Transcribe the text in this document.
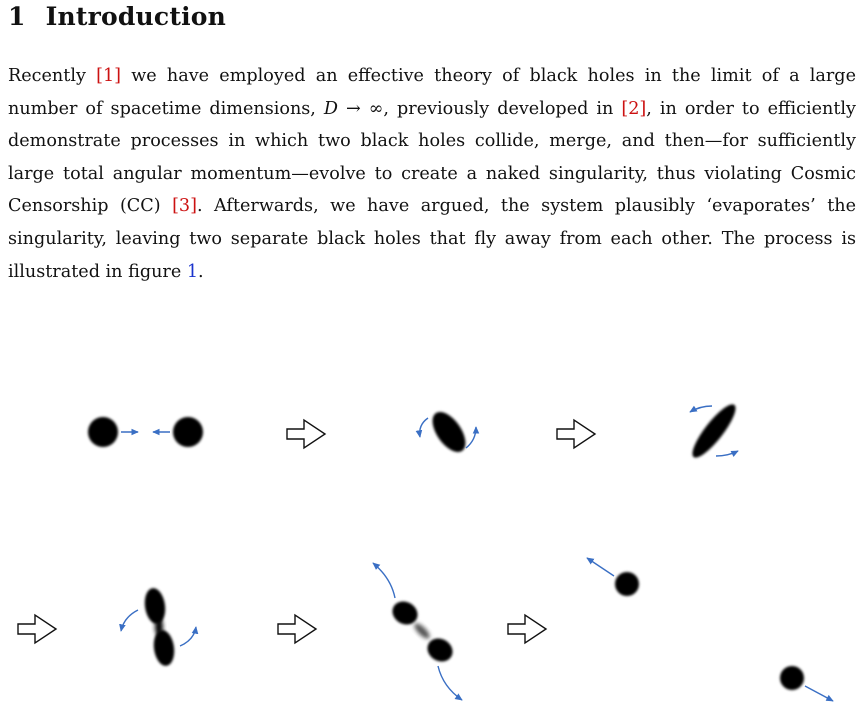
1 Introduction

Recently [1] we have employed an effective theory of black holes in the limit of a large number of spacetime dimensions, D → ∞, previously developed in [2], in order to efficiently demonstrate processes in which two black holes collide, merge, and then—for sufficiently large total angular momentum—evolve to create a naked singularity, thus violating Cosmic Censorship (CC) [3]. Afterwards, we have argued, the system plausibly ‘evaporates’ the singularity, leaving two separate black holes that fly away from each other. The process is illustrated in figure 1.
